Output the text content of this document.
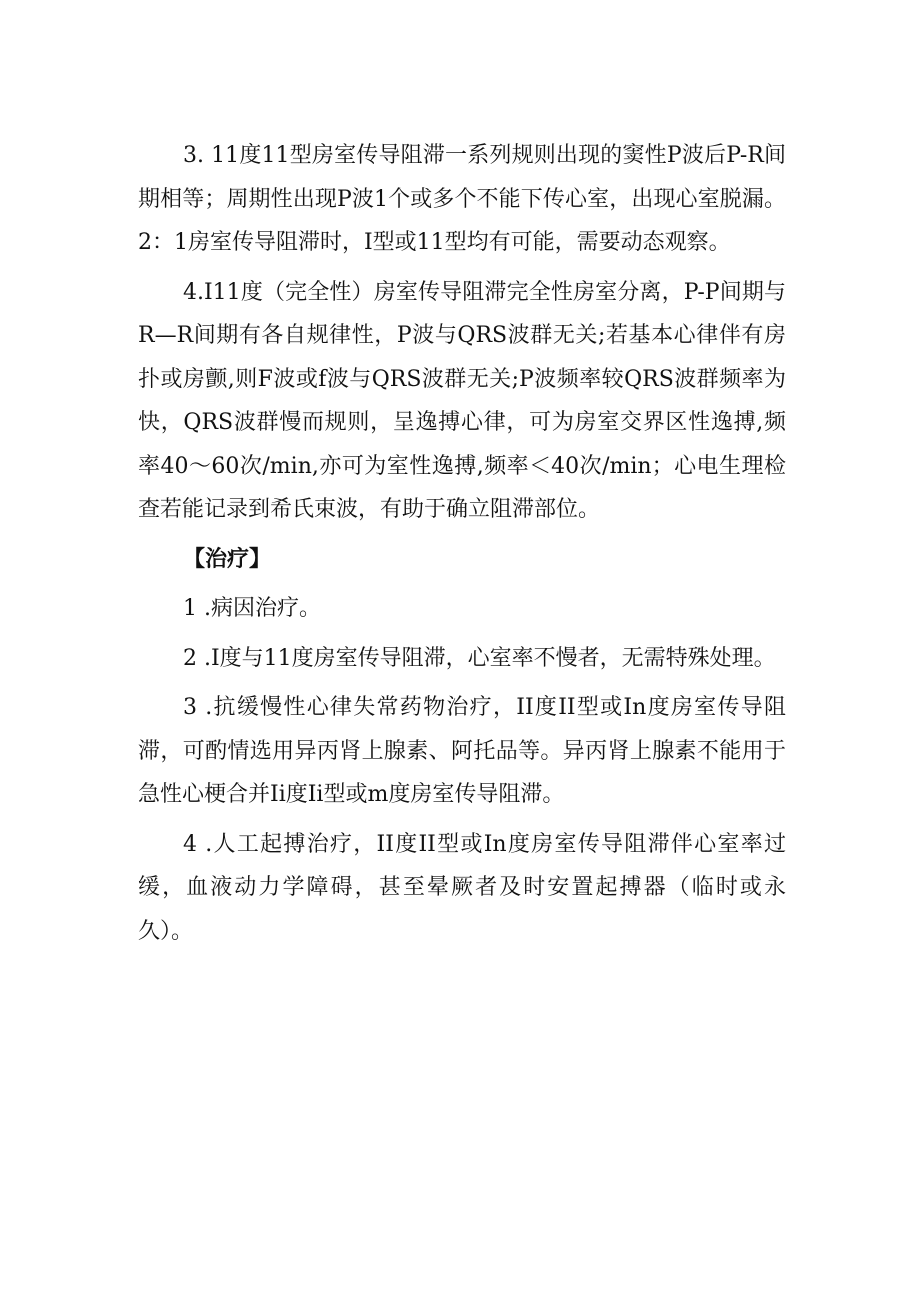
3. 11度11型房室传导阻滞一系列规则出现的窦性P波后P-R间期相等；周期性出现P波1个或多个不能下传心室，出现心室脱漏。2：1房室传导阻滞时，I型或11型均有可能，需要动态观察。

4.I11度（完全性）房室传导阻滞完全性房室分离，P-P间期与R—R间期有各自规律性，P波与QRS波群无关;若基本心律伴有房扑或房颤,则F波或f波与QRS波群无关;P波频率较QRS波群频率为快，QRS波群慢而规则，呈逸搏心律，可为房室交界区性逸搏,频率40～60次/min,亦可为室性逸搏,频率＜40次/min；心电生理检查若能记录到希氏束波，有助于确立阻滞部位。

【治疗】

1 .病因治疗。

2 .I度与11度房室传导阻滞，心室率不慢者，无需特殊处理。

3 .抗缓慢性心律失常药物治疗，II度II型或In度房室传导阻滞，可酌情选用异丙肾上腺素、阿托品等。异丙肾上腺素不能用于急性心梗合并Ii度Ii型或m度房室传导阻滞。

4 .人工起搏治疗，II度II型或In度房室传导阻滞伴心室率过缓，血液动力学障碍，甚至晕厥者及时安置起搏器（临时或永久）。
